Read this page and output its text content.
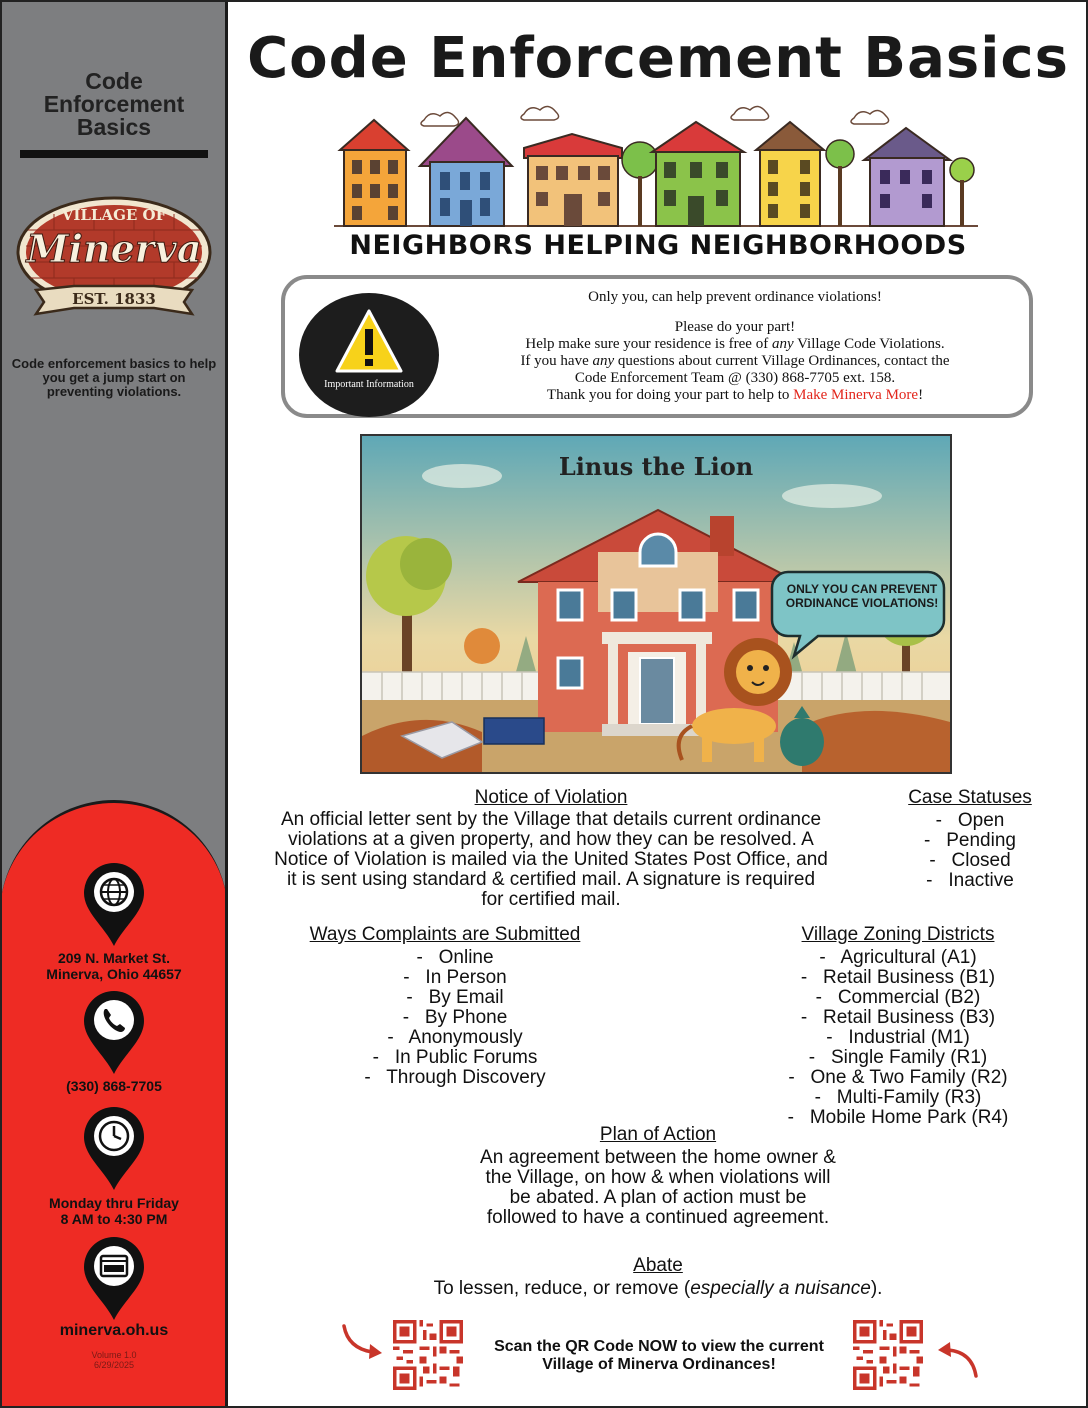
Code
Enforcement
Basics
VILLAGE OF
Minerva
EST. 1833
Code enforcement basics to help you get a jump start on preventing violations.
209 N. Market St.
Minerva, Ohio 44657
(330) 868-7705
Monday thru Friday
8 AM to 4:30 PM
minerva.oh.us
Volume 1.0
6/29/2025
Code Enforcement Basics
NEIGHBORS HELPING NEIGHBORHOODS
Important Information
Only you, can help prevent ordinance violations!
Please do your part!
Help make sure your residence is free of any Village Code Violations.
If you have any questions about current Village Ordinances, contact the
Code Enforcement Team @ (330) 868-7705 ext. 158.
Thank you for doing your part to help to Make Minerva More!
Linus the Lion
ONLY YOU CAN PREVENT ORDINANCE VIOLATIONS!
Notice of Violation
An official letter sent by the Village that details current ordinance violations at a given property, and how they can be resolved. A Notice of Violation is mailed via the United States Post Office, and it is sent using standard & certified mail. A signature is required for certified mail.
Case Statuses
- Open
- Pending
- Closed
- Inactive
Ways Complaints are Submitted
- Online
- In Person
- By Email
- By Phone
- Anonymously
- In Public Forums
- Through Discovery
Village Zoning Districts
- Agricultural (A1)
- Retail Business (B1)
- Commercial (B2)
- Retail Business (B3)
- Industrial (M1)
- Single Family (R1)
- One & Two Family (R2)
- Multi-Family (R3)
- Mobile Home Park (R4)
Plan of Action
An agreement between the home owner & the Village, on how & when violations will be abated. A plan of action must be followed to have a continued agreement.
Abate
To lessen, reduce, or remove (especially a nuisance).
Scan the QR Code NOW to view the current Village of Minerva Ordinances!
